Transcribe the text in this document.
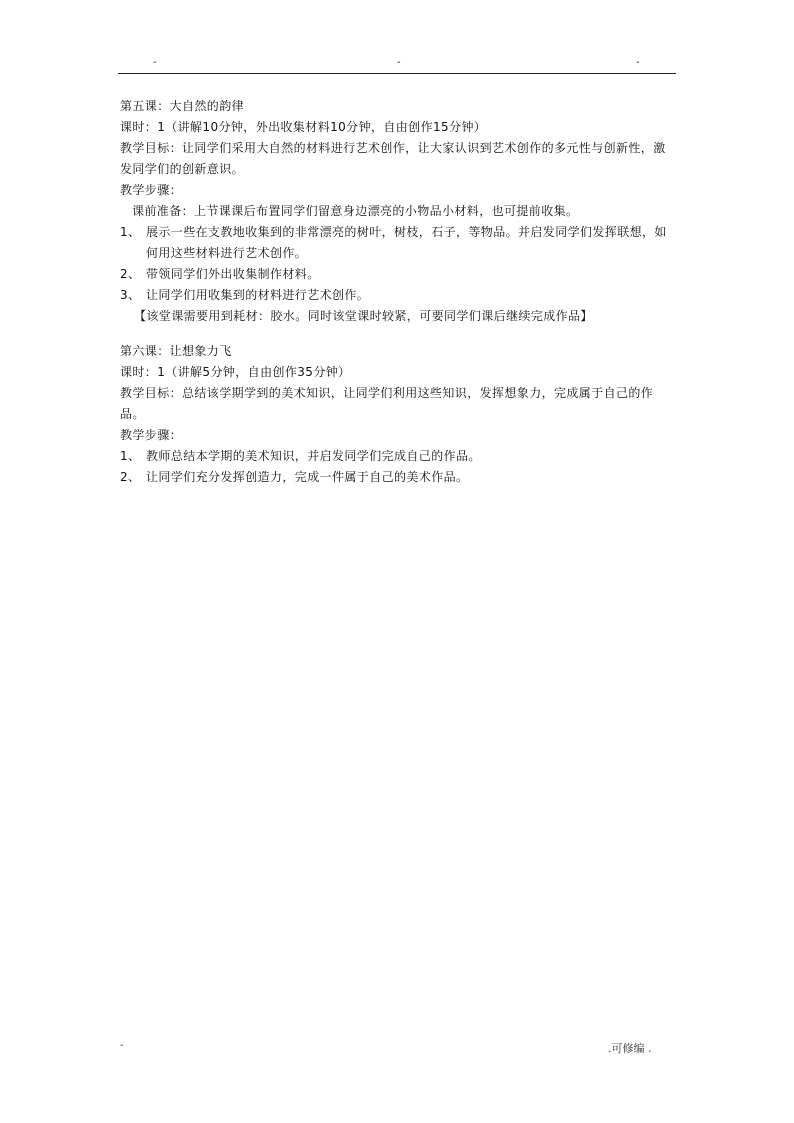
-	-	-

第五课：大自然的韵律

课时：1（讲解10分钟，外出收集材料10分钟，自由创作15分钟）

教学目标：让同学们采用大自然的材料进行艺术创作，让大家认识到艺术创作的多元性与创新性，激发同学们的创新意识。

教学步骤：

课前准备：上节课课后布置同学们留意身边漂亮的小物品小材料，也可提前收集。

1、 展示一些在支教地收集到的非常漂亮的树叶，树枝，石子，等物品。并启发同学们发挥联想，如何用这些材料进行艺术创作。
2、 带领同学们外出收集制作材料。
3、 让同学们用收集到的材料进行艺术创作。

【该堂课需要用到耗材：胶水。同时该堂课时较紧，可要同学们课后继续完成作品】

第六课：让想象力飞

课时：1（讲解5分钟，自由创作35分钟）

教学目标：总结该学期学到的美术知识，让同学们利用这些知识，发挥想象力，完成属于自己的作品。

教学步骤：

1、 教师总结本学期的美术知识，并启发同学们完成自己的作品。
2、 让同学们充分发挥创造力，完成一件属于自己的美术作品。
-	.可修编 .
